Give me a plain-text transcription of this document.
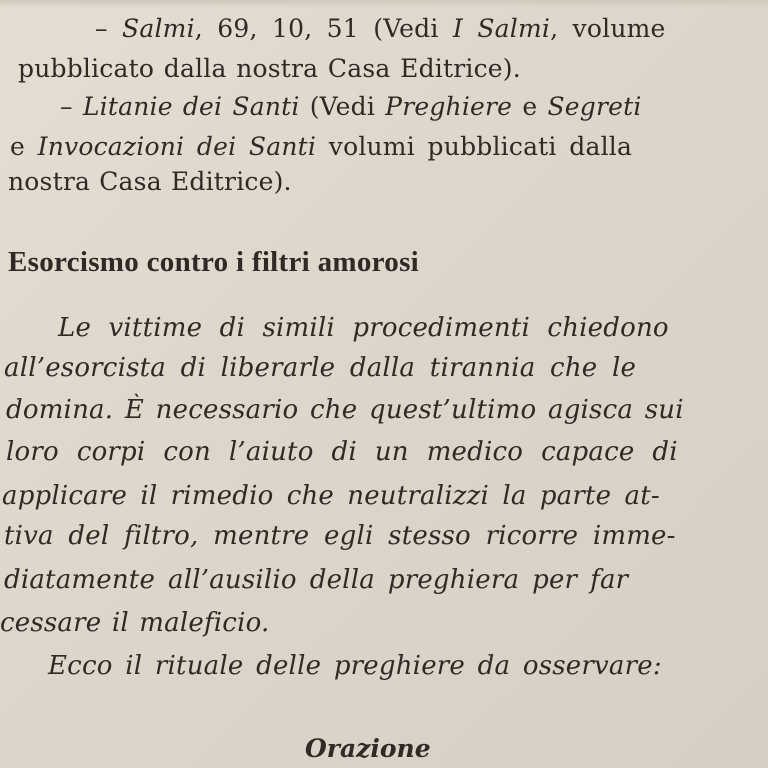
– Salmi, 69, 10, 51 (Vedi I Salmi, volume
pubblicato dalla nostra Casa Editrice).
– Litanie dei Santi (Vedi Preghiere e Segreti
e Invocazioni dei Santi volumi pubblicati dalla
nostra Casa Editrice).
Esorcismo contro i filtri amorosi
Le vittime di simili procedimenti chiedono
all’esorcista di liberarle dalla tirannia che le
domina. È necessario che quest’ultimo agisca sui
loro corpi con l’aiuto di un medico capace di
applicare il rimedio che neutralizzi la parte at-
tiva del filtro, mentre egli stesso ricorre imme-
diatamente all’ausilio della preghiera per far
cessare il maleficio.
Ecco il rituale delle preghiere da osservare:
Orazione
